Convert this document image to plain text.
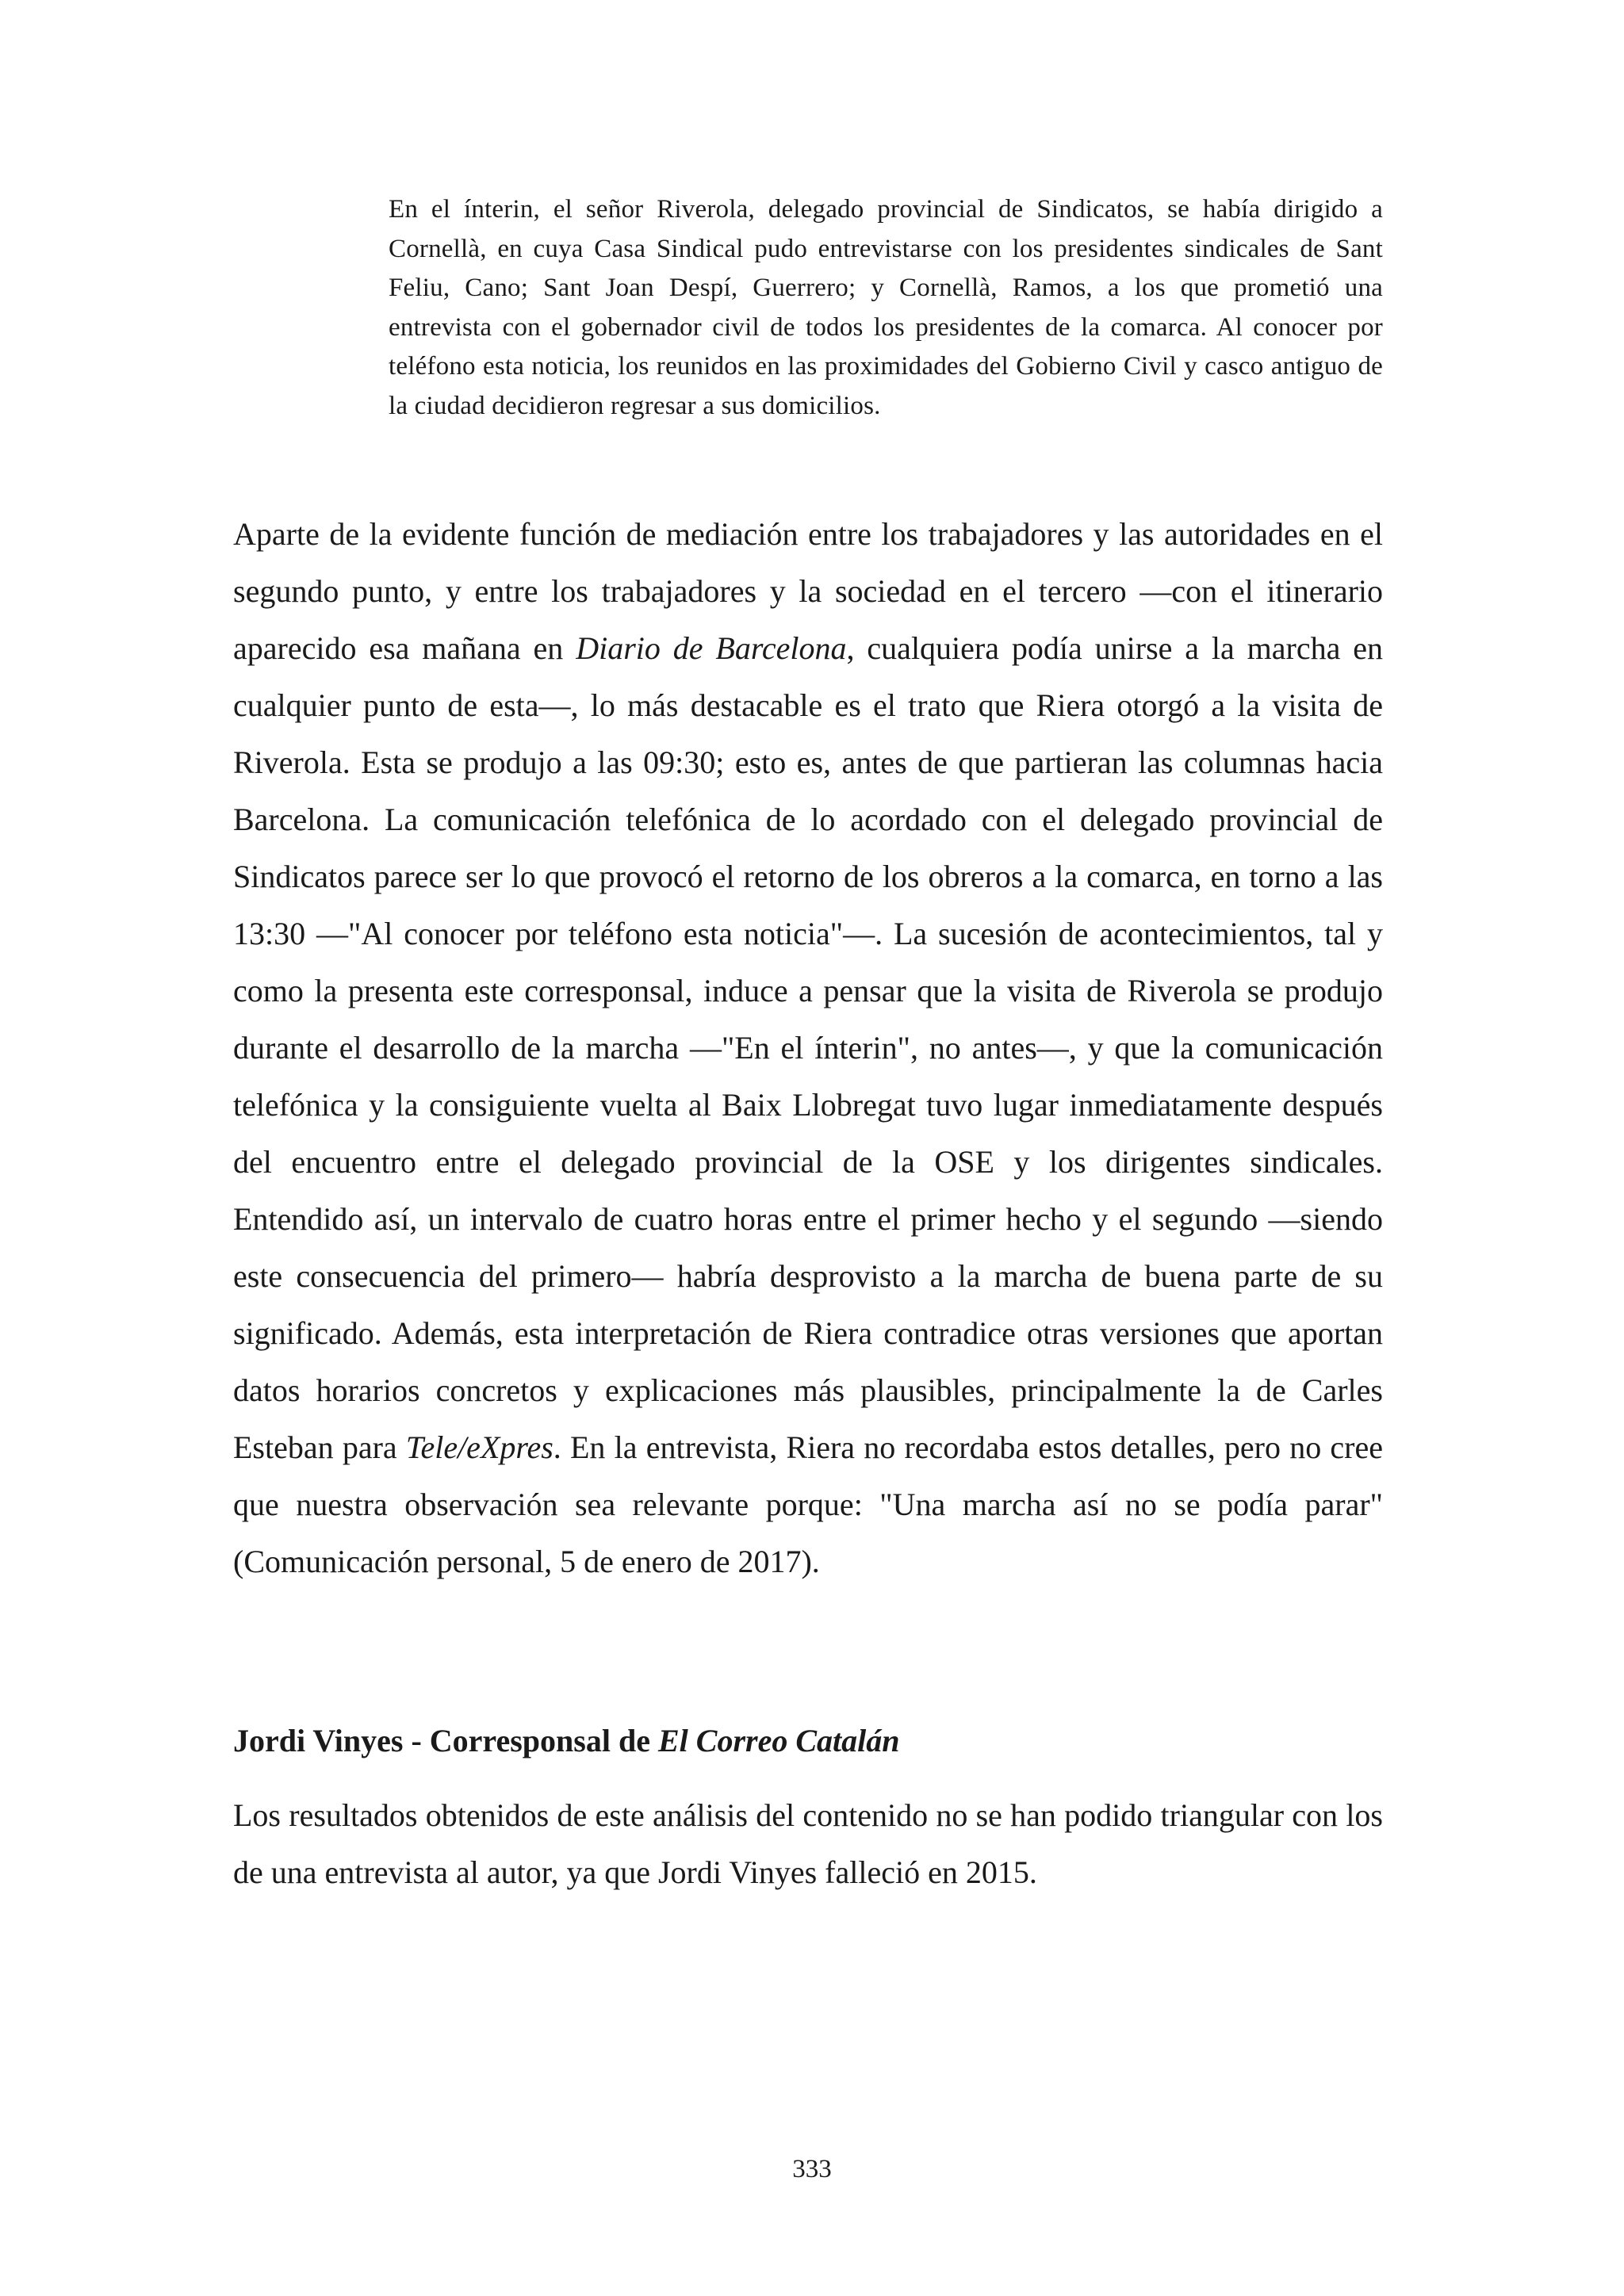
En el ínterin, el señor Riverola, delegado provincial de Sindicatos, se había dirigido a Cornellà, en cuya Casa Sindical pudo entrevistarse con los presidentes sindicales de Sant Feliu, Cano; Sant Joan Despí, Guerrero; y Cornellà, Ramos, a los que prometió una entrevista con el gobernador civil de todos los presidentes de la comarca. Al conocer por teléfono esta noticia, los reunidos en las proximidades del Gobierno Civil y casco antiguo de la ciudad decidieron regresar a sus domicilios.

Aparte de la evidente función de mediación entre los trabajadores y las autoridades en el segundo punto, y entre los trabajadores y la sociedad en el tercero —con el itinerario aparecido esa mañana en Diario de Barcelona, cualquiera podía unirse a la marcha en cualquier punto de esta—, lo más destacable es el trato que Riera otorgó a la visita de Riverola. Esta se produjo a las 09:30; esto es, antes de que partieran las columnas hacia Barcelona. La comunicación telefónica de lo acordado con el delegado provincial de Sindicatos parece ser lo que provocó el retorno de los obreros a la comarca, en torno a las 13:30 —"Al conocer por teléfono esta noticia"—. La sucesión de acontecimientos, tal y como la presenta este corresponsal, induce a pensar que la visita de Riverola se produjo durante el desarrollo de la marcha —"En el ínterin", no antes—, y que la comunicación telefónica y la consiguiente vuelta al Baix Llobregat tuvo lugar inmediatamente después del encuentro entre el delegado provincial de la OSE y los dirigentes sindicales. Entendido así, un intervalo de cuatro horas entre el primer hecho y el segundo —siendo este consecuencia del primero— habría desprovisto a la marcha de buena parte de su significado. Además, esta interpretación de Riera contradice otras versiones que aportan datos horarios concretos y explicaciones más plausibles, principalmente la de Carles Esteban para Tele/eXpres. En la entrevista, Riera no recordaba estos detalles, pero no cree que nuestra observación sea relevante porque: "Una marcha así no se podía parar" (Comunicación personal, 5 de enero de 2017).

Jordi Vinyes - Corresponsal de El Correo Catalán

Los resultados obtenidos de este análisis del contenido no se han podido triangular con los de una entrevista al autor, ya que Jordi Vinyes falleció en 2015.

333
